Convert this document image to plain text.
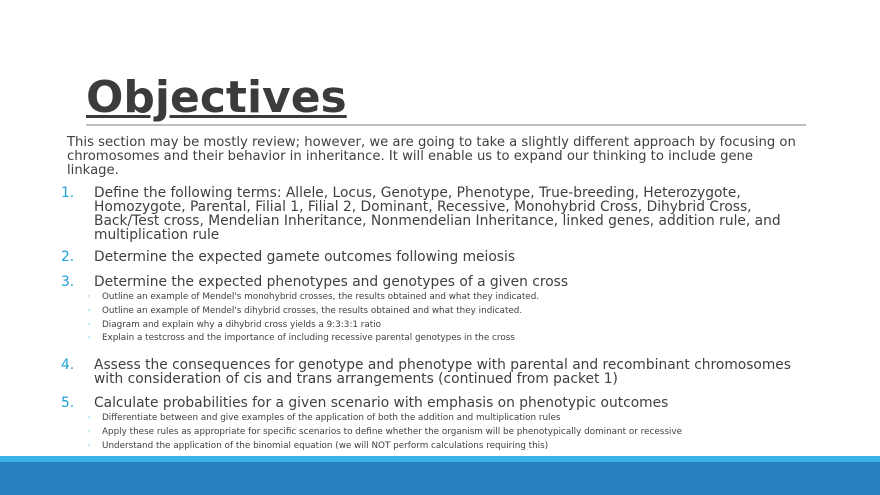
Objectives
This section may be mostly review; however, we are going to take a slightly different approach by focusing on chromosomes and their behavior in inheritance. It will enable us to expand our thinking to include gene linkage.
1. Define the following terms: Allele, Locus, Genotype, Phenotype, True-breeding, Heterozygote, Homozygote, Parental, Filial 1, Filial 2, Dominant, Recessive, Monohybrid Cross, Dihybrid Cross, Back/Test cross, Mendelian Inheritance, Nonmendelian Inheritance, linked genes, addition rule, and multiplication rule
2. Determine the expected gamete outcomes following meiosis
3. Determine the expected phenotypes and genotypes of a given cross
◦ Outline an example of Mendel's monohybrid crosses, the results obtained and what they indicated.
◦ Outline an example of Mendel's dihybrid crosses, the results obtained and what they indicated.
◦ Diagram and explain why a dihybrid cross yields a 9:3:3:1 ratio
◦ Explain a testcross and the importance of including recessive parental genotypes in the cross
4. Assess the consequences for genotype and phenotype with parental and recombinant chromosomes with consideration of cis and trans arrangements (continued from packet 1)
5. Calculate probabilities for a given scenario with emphasis on phenotypic outcomes
◦ Differentiate between and give examples of the application of both the addition and multiplication rules
◦ Apply these rules as appropriate for specific scenarios to define whether the organism will be phenotypically dominant or recessive
◦ Understand the application of the binomial equation (we will NOT perform calculations requiring this)
